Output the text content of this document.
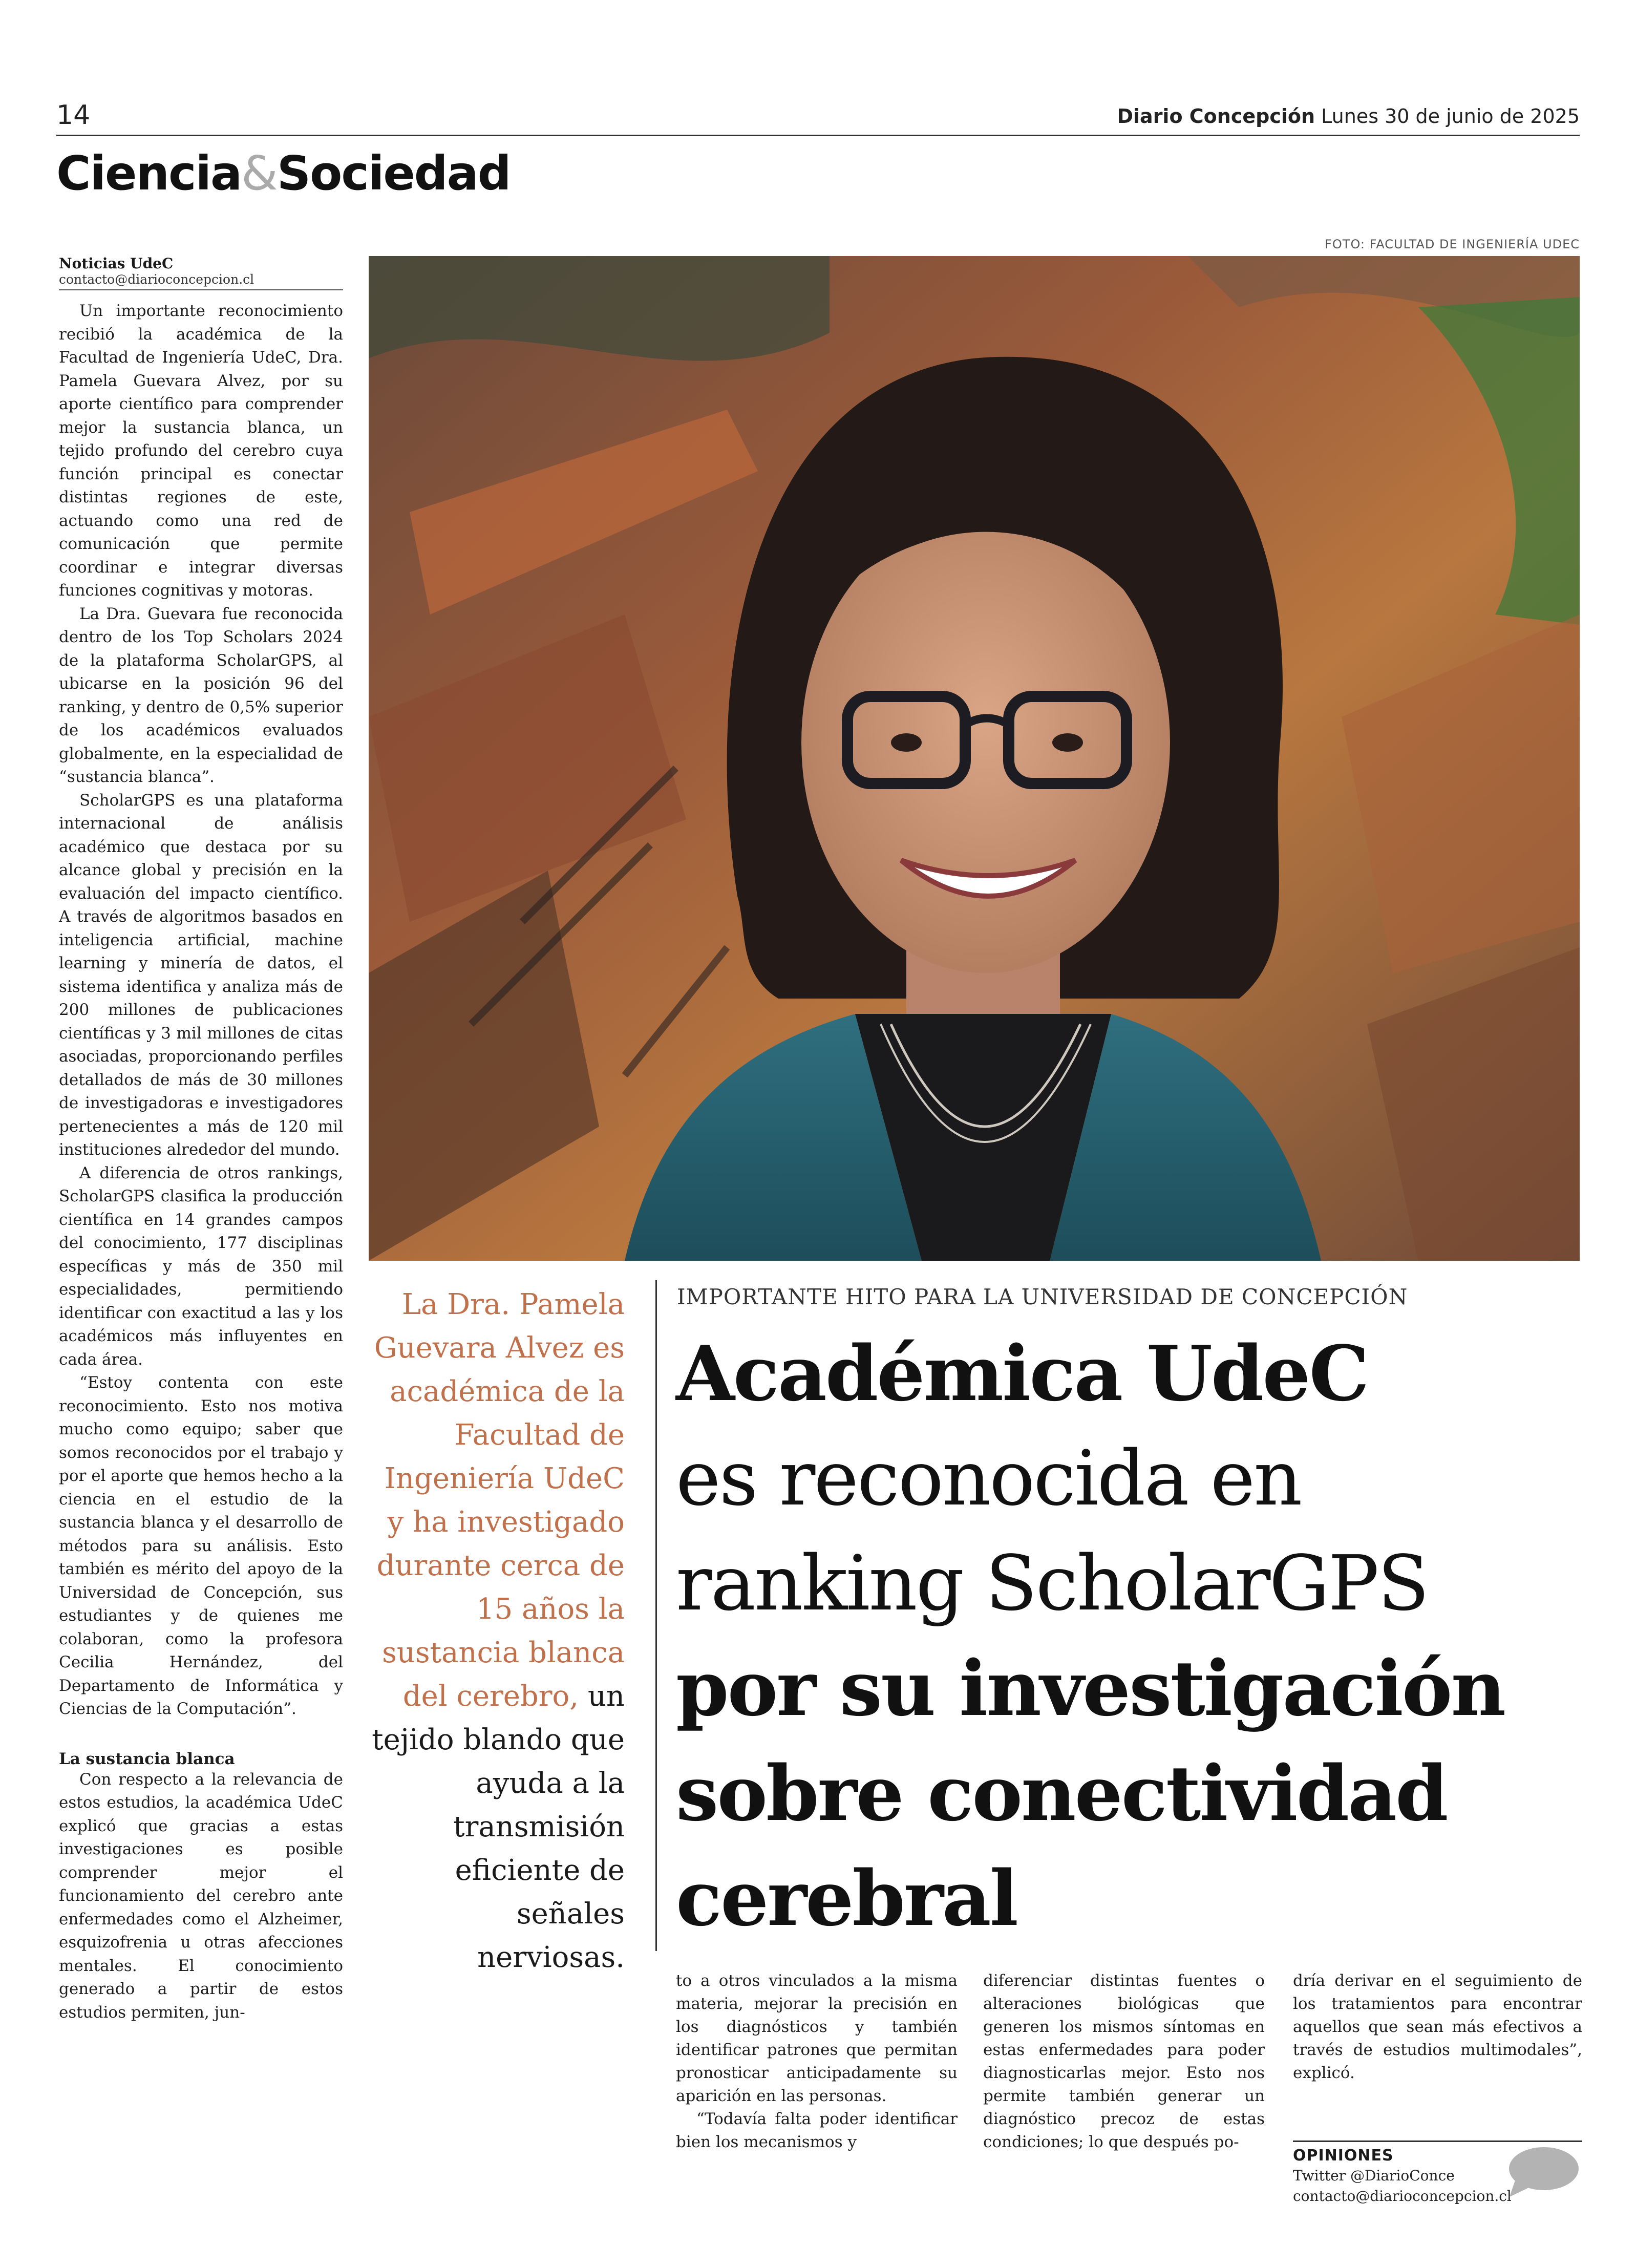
14	Diario Concepción Lunes 30 de junio de 2025
Ciencia&Sociedad
Noticias UdeC
contacto@diarioconcepcion.cl

Un importante reconocimiento recibió la académica de la Facultad de Ingeniería UdeC, Dra. Pamela Guevara Alvez, por su aporte científico para comprender mejor la sustancia blanca, un tejido profundo del cerebro cuya función principal es conectar distintas regiones de este, actuando como una red de comunicación que permite coordinar e integrar diversas funciones cognitivas y motoras.

La Dra. Guevara fue reconocida dentro de los Top Scholars 2024 de la plataforma ScholarGPS, al ubicarse en la posición 96 del ranking, y dentro de 0,5% superior de los académicos evaluados globalmente, en la especialidad de “sustancia blanca”.

ScholarGPS es una plataforma internacional de análisis académico que destaca por su alcance global y precisión en la evaluación del impacto científico. A través de algoritmos basados en inteligencia artificial, machine learning y minería de datos, el sistema identifica y analiza más de 200 millones de publicaciones científicas y 3 mil millones de citas asociadas, proporcionando perfiles detallados de más de 30 millones de investigadoras e investigadores pertenecientes a más de 120 mil instituciones alrededor del mundo.

A diferencia de otros rankings, ScholarGPS clasifica la producción científica en 14 grandes campos del conocimiento, 177 disciplinas específicas y más de 350 mil especialidades, permitiendo identificar con exactitud a las y los académicos más influyentes en cada área.

“Estoy contenta con este reconocimiento. Esto nos motiva mucho como equipo; saber que somos reconocidos por el trabajo y por el aporte que hemos hecho a la ciencia en el estudio de la sustancia blanca y el desarrollo de métodos para su análisis. Esto también es mérito del apoyo de la Universidad de Concepción, sus estudiantes y de quienes me colaboran, como la profesora Cecilia Hernández, del Departamento de Informática y Ciencias de la Computación”.

La sustancia blanca

Con respecto a la relevancia de estos estudios, la académica UdeC explicó que gracias a estas investigaciones es posible comprender mejor el funcionamiento del cerebro ante enfermedades como el Alzheimer, esquizofrenia u otras afecciones mentales. El conocimiento generado a partir de estos estudios permiten, jun-

FOTO: FACULTAD DE INGENIERÍA UDEC
La Dra. Pamela Guevara Alvez es académica de la Facultad de Ingeniería UdeC y ha investigado durante cerca de 15 años la sustancia blanca del cerebro, un tejido blando que ayuda a la transmisión eficiente de señales nerviosas.
IMPORTANTE HITO PARA LA UNIVERSIDAD DE CONCEPCIÓN
Académica UdeC
es reconocida en
ranking ScholarGPS
por su investigación
sobre conectividad
cerebral

to a otros vinculados a la misma materia, mejorar la precisión en los diagnósticos y también identificar patrones que permitan pronosticar anticipadamente su aparición en las personas.

“Todavía falta poder identificar bien los mecanismos y

diferenciar distintas fuentes o alteraciones biológicas que generen los mismos síntomas en estas enfermedades para poder diagnosticarlas mejor. Esto nos permite también generar un diagnóstico precoz de estas condiciones; lo que después po-

dría derivar en el seguimiento de los tratamientos para encontrar aquellos que sean más efectivos a través de estudios multimodales”, explicó.

OPINIONES
Twitter @DiarioConce
contacto@diarioconcepcion.cl
